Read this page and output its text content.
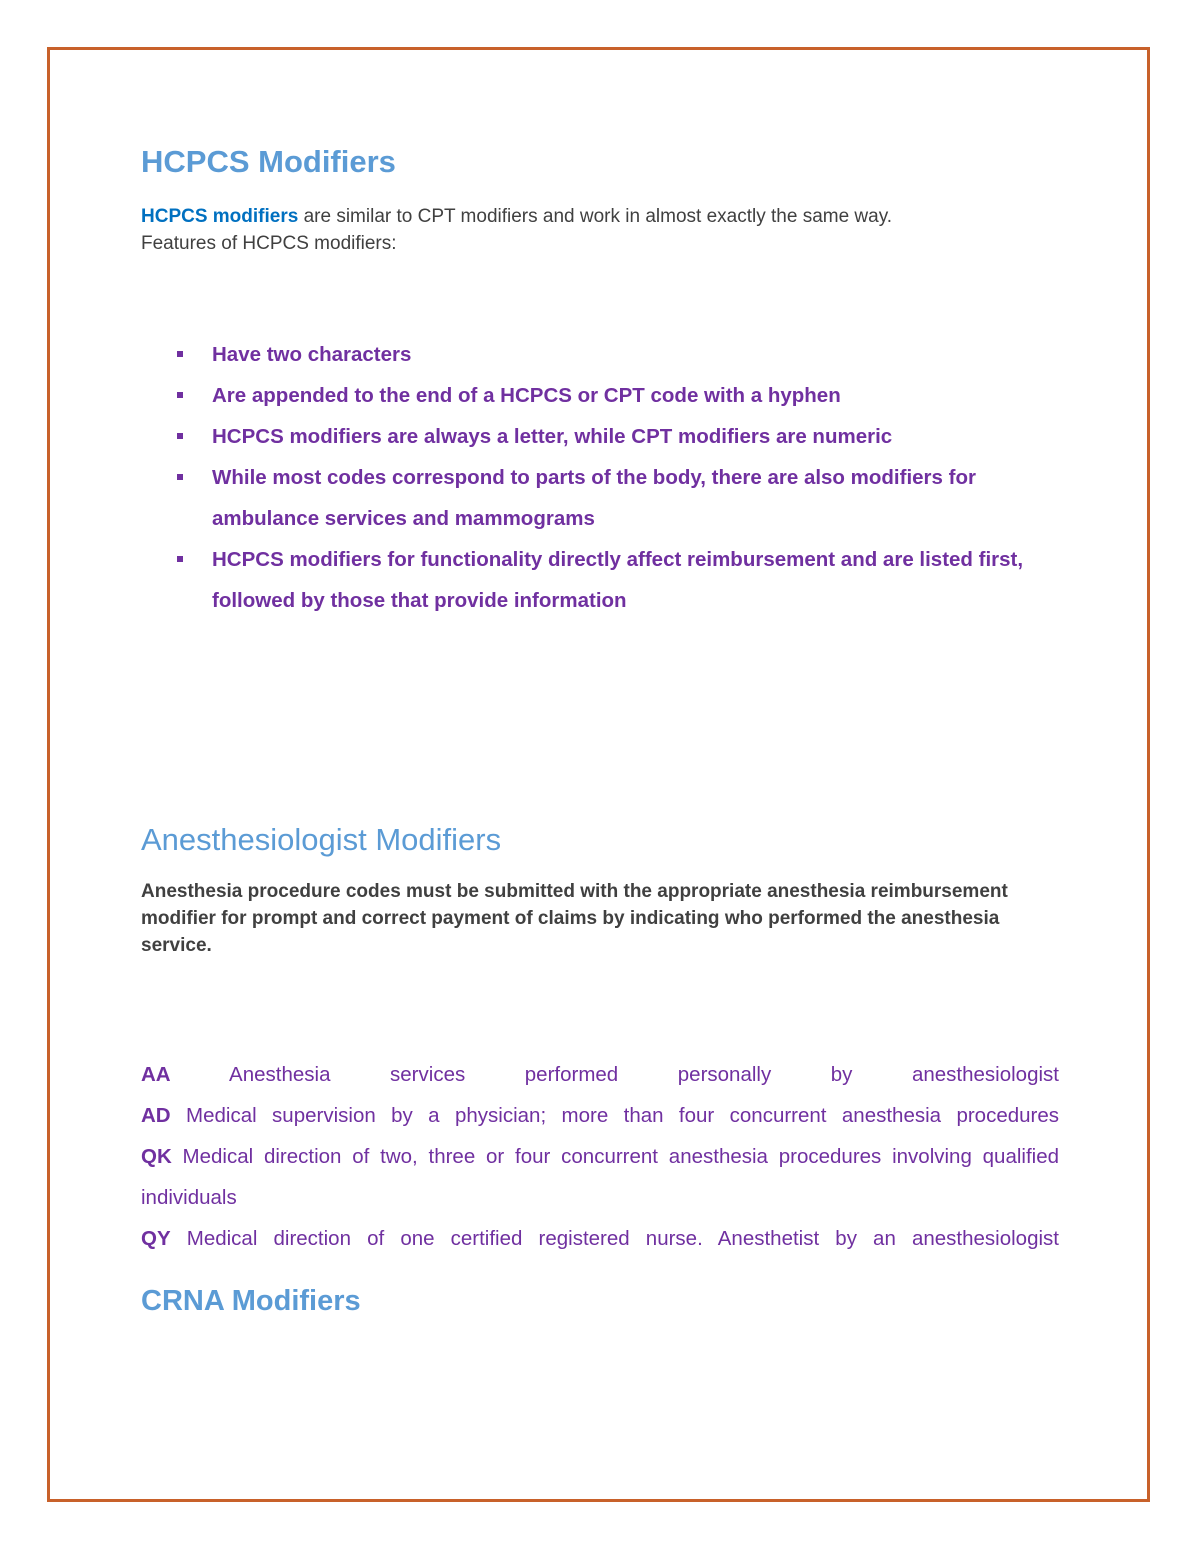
HCPCS Modifiers
HCPCS modifiers are similar to CPT modifiers and work in almost exactly the same way.
Features of HCPCS modifiers:
Have two characters
Are appended to the end of a HCPCS or CPT code with a hyphen
HCPCS modifiers are always a letter, while CPT modifiers are numeric
While most codes correspond to parts of the body, there are also modifiers for ambulance services and mammograms
HCPCS modifiers for functionality directly affect reimbursement and are listed first, followed by those that provide information
Anesthesiologist Modifiers
Anesthesia procedure codes must be submitted with the appropriate anesthesia reimbursement modifier for prompt and correct payment of claims by indicating who performed the anesthesia service.
AA	Anesthesia services performed personally by anesthesiologist
AD Medical supervision by a physician; more than four concurrent anesthesia procedures
QK Medical direction of two, three or four concurrent anesthesia procedures involving qualified individuals
QY Medical direction of one certified registered nurse. Anesthetist by an anesthesiologist
CRNA Modifiers
